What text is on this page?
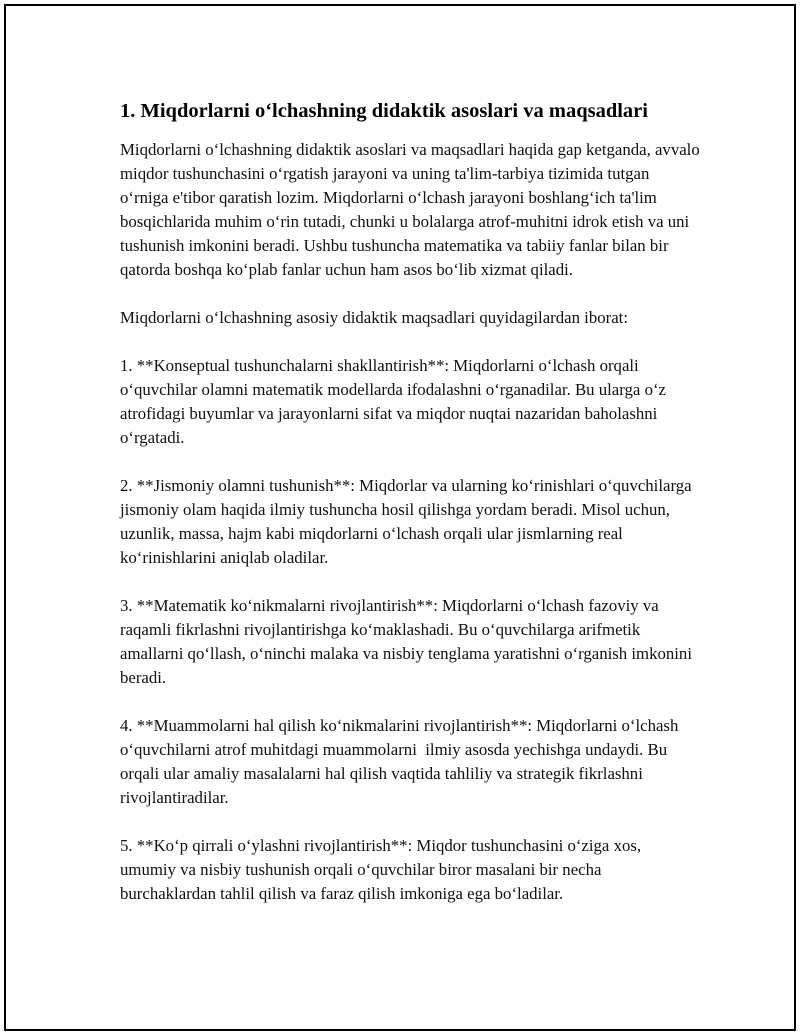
1. Miqdorlarni o‘lchashning didaktik asoslari va maqsadlari

Miqdorlarni o‘lchashning didaktik asoslari va maqsadlari haqida gap ketganda, avvalo miqdor tushunchasini o‘rgatish jarayoni va uning ta'lim-tarbiya tizimida tutgan o‘rniga e'tibor qaratish lozim. Miqdorlarni o‘lchash jarayoni boshlang‘ich ta'lim bosqichlarida muhim o‘rin tutadi, chunki u bolalarga atrof-muhitni idrok etish va uni tushunish imkonini beradi. Ushbu tushuncha matematika va tabiiy fanlar bilan bir qatorda boshqa ko‘plab fanlar uchun ham asos bo‘lib xizmat qiladi.

Miqdorlarni o‘lchashning asosiy didaktik maqsadlari quyidagilardan iborat:

1. **Konseptual tushunchalarni shakllantirish**: Miqdorlarni o‘lchash orqali o‘quvchilar olamni matematik modellarda ifodalashni o‘rganadilar. Bu ularga o‘z atrofidagi buyumlar va jarayonlarni sifat va miqdor nuqtai nazaridan baholashni o‘rgatadi.

2. **Jismoniy olamni tushunish**: Miqdorlar va ularning ko‘rinishlari o‘quvchilarga jismoniy olam haqida ilmiy tushuncha hosil qilishga yordam beradi. Misol uchun, uzunlik, massa, hajm kabi miqdorlarni o‘lchash orqali ular jismlarning real ko‘rinishlarini aniqlab oladilar.

3. **Matematik ko‘nikmalarni rivojlantirish**: Miqdorlarni o‘lchash fazoviy va raqamli fikrlashni rivojlantirishga ko‘maklashadi. Bu o‘quvchilarga arifmetik amallarni qo‘llash, o‘ninchi malaka va nisbiy tenglama yaratishni o‘rganish imkonini beradi.

4. **Muammolarni hal qilish ko‘nikmalarini rivojlantirish**: Miqdorlarni o‘lchash o‘quvchilarni atrof muhitdagi muammolarni  ilmiy asosda yechishga undaydi. Bu orqali ular amaliy masalalarni hal qilish vaqtida tahliliy va strategik fikrlashni rivojlantiradilar.

5. **Ko‘p qirrali o‘ylashni rivojlantirish**: Miqdor tushunchasini o‘ziga xos, umumiy va nisbiy tushunish orqali o‘quvchilar biror masalani bir necha burchaklardan tahlil qilish va faraz qilish imkoniga ega bo‘ladilar.
